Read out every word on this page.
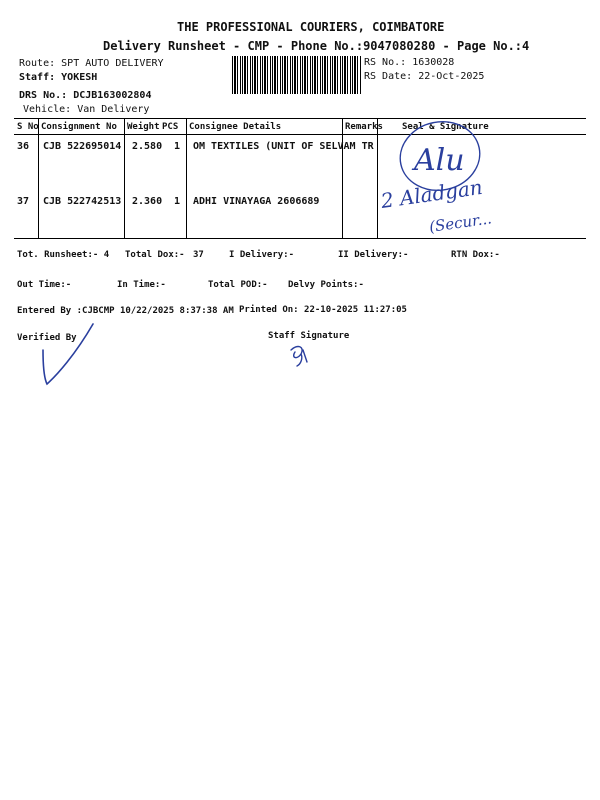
THE PROFESSIONAL COURIERS, COIMBATORE
Delivery Runsheet - CMP - Phone No.:9047080280 - Page No.:4
Route: SPT AUTO DELIVERY
Staff: YOKESH
DRS No.: DCJB163002804
Vehicle: Van Delivery
RS No.: 1630028
RS Date: 22-Oct-2025
S No Consignment No Weight PCS Consignee Details	Remarks Seal & Signature
36 CJB 522695014 2.580 1 OM TEXTILES (UNIT OF SELVAM TR
37 CJB 522742513 2.360 1 ADHI VINAYAGA 2606689
Alu
2 Aladgan
(Secur...
Tot. Runsheet:- 4 Total Dox:- 37	I Delivery:-	II Delivery:-	RTN Dox:-
Out Time:-	In Time:-	Total POD:- Delvy Points:-
Entered By :CJBCMP 10/22/2025 8:37:38 AM Printed On: 22-10-2025 11:27:05
Verified By	Staff Signature
